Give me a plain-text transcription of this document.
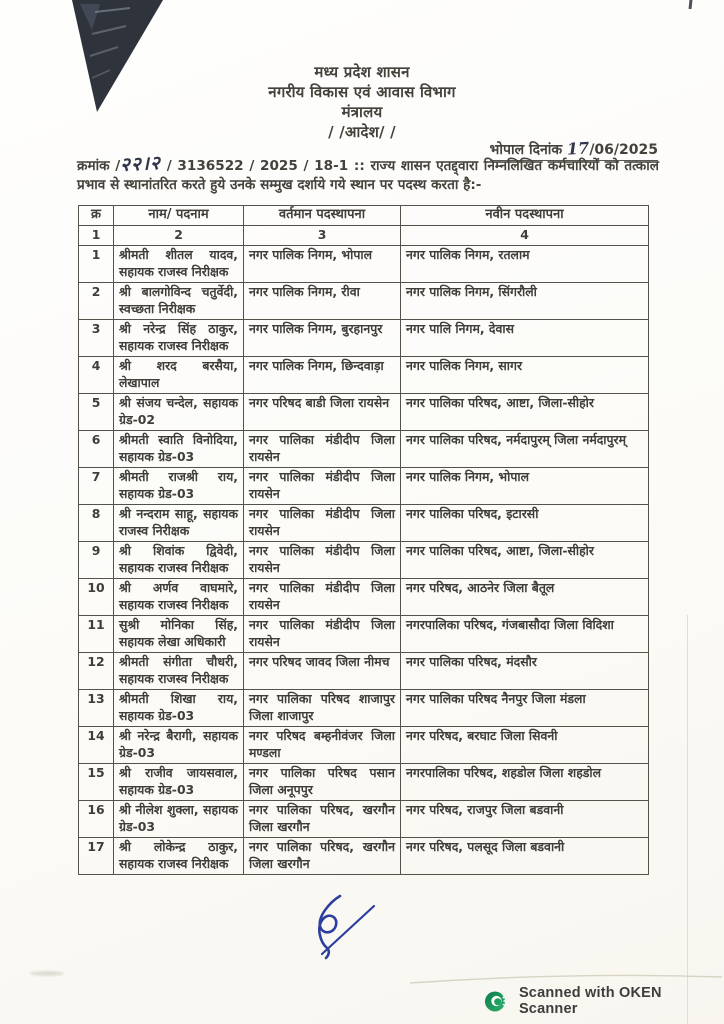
मध्य प्रदेश शासन
नगरीय विकास एवं आवास विभाग
मंत्रालय
/ /आदेश/ /
भोपाल दिनांक 17/06/2025
क्रमांक /२२।२ / 3136522 / 2025 / 18-1 :: राज्य शासन एतद्द्वारा निम्नलिखित कर्मचारियों को तत्काल प्रभाव से स्थानांतरित करते हुये उनके सम्मुख दर्शाये गये स्थान पर पदस्थ करता है:-
क्र	नाम/ पदनाम	वर्तमान पदस्थापना	नवीन पदस्थापना
1	2	3	4
1	श्रीमती शीतल यादव, सहायक राजस्व निरीक्षक	नगर पालिक निगम, भोपाल	नगर पालिक निगम, रतलाम
2	श्री बालगोविन्द चतुर्वेदी, स्वच्छता निरीक्षक	नगर पालिक निगम, रीवा	नगर पालिक निगम, सिंगरौली
3	श्री नरेन्द्र सिंह ठाकुर, सहायक राजस्व निरीक्षक	नगर पालिक निगम, बुरहानपुर	नगर पालि निगम, देवास
4	श्री शरद बरसैया, लेखापाल	नगर पालिक निगम, छिन्दवाड़ा	नगर पालिक निगम, सागर
5	श्री संजय चन्देल, सहायक ग्रेड-02	नगर परिषद बाडी जिला रायसेन	नगर पालिका परिषद, आष्टा, जिला-सीहोर
6	श्रीमती स्वाति विनोदिया, सहायक ग्रेड-03	नगर पालिका मंडीदीप जिला रायसेन	नगर पालिका परिषद, नर्मदापुरम् जिला नर्मदापुरम्
7	श्रीमती राजश्री राय, सहायक ग्रेड-03	नगर पालिका मंडीदीप जिला रायसेन	नगर पालिक निगम, भोपाल
8	श्री नन्दराम साहू, सहायक राजस्व निरीक्षक	नगर पालिका मंडीदीप जिला रायसेन	नगर पालिका परिषद, इटारसी
9	श्री शिवांक द्विवेदी, सहायक राजस्व निरीक्षक	नगर पालिका मंडीदीप जिला रायसेन	नगर पालिका परिषद, आष्टा, जिला-सीहोर
10	श्री अर्णव वाघमारे, सहायक राजस्व निरीक्षक	नगर पालिका मंडीदीप जिला रायसेन	नगर परिषद, आठनेर जिला बैतूल
11	सुश्री मोनिका सिंह, सहायक लेखा अधिकारी	नगर पालिका मंडीदीप जिला रायसेन	नगरपालिका परिषद, गंजबासौदा जिला विदिशा
12	श्रीमती संगीता चौधरी, सहायक राजस्व निरीक्षक	नगर परिषद जावद जिला नीमच	नगर पालिका परिषद, मंदसौर
13	श्रीमती शिखा राय, सहायक ग्रेड-03	नगर पालिका परिषद शाजापुर जिला शाजापुर	नगर पालिका परिषद नैनपुर जिला मंडला
14	श्री नरेन्द्र बैरागी, सहायक ग्रेड-03	नगर परिषद बम्हनीवंजर जिला मण्डला	नगर परिषद, बरघाट जिला सिवनी
15	श्री राजीव जायसवाल, सहायक ग्रेड-03	नगर पालिका परिषद पसान जिला अनूपपुर	नगरपालिका परिषद, शहडोल जिला शहडोल
16	श्री नीलेश शुक्ला, सहायक ग्रेड-03	नगर पालिका परिषद, खरगौन जिला खरगौन	नगर परिषद, राजपुर जिला बडवानी
17	श्री लोकेन्द्र ठाकुर, सहायक राजस्व निरीक्षक	नगर पालिका परिषद, खरगौन जिला खरगौन	नगर परिषद, पलसूद जिला बडवानी
Scanned with OKEN Scanner
